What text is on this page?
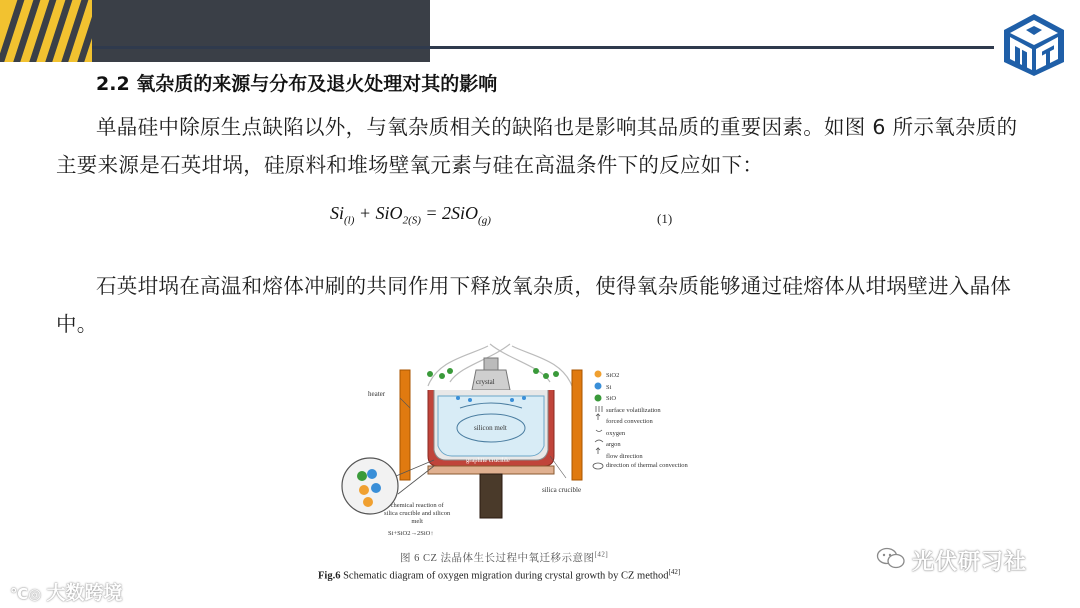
2.2 氧杂质的来源与分布及退火处理对其的影响

单晶硅中除原生点缺陷以外，与氧杂质相关的缺陷也是影响其品质的重要因素。如图 6 所示氧杂质的主要来源是石英坩埚，硅原料和堆场壁氧元素与硅在高温条件下的反应如下：

$Si_{(l)} + SiO_{2(S)} = 2SiO_{(g)}$	(1)

石英坩埚在高温和熔体冲刷的共同作用下释放氧杂质，使得氧杂质能够通过硅熔体从坩埚壁进入晶体中。

heater
crystal
silicon melt
graphite crucible
silica crucible
chemical reaction of
silica crucible and silicon
melt
Si+SiO2→2SiO↑
SiO2
Si
SiO
surface volatilization
forced convection
oxygen
argon
flow direction
direction of thermal convection
图 6 CZ 法晶体生长过程中氧迁移示意图[42]
Fig.6 Schematic diagram of oxygen migration during crystal growth by CZ method[42]	光伏研习社
℃◎ 大数跨境
